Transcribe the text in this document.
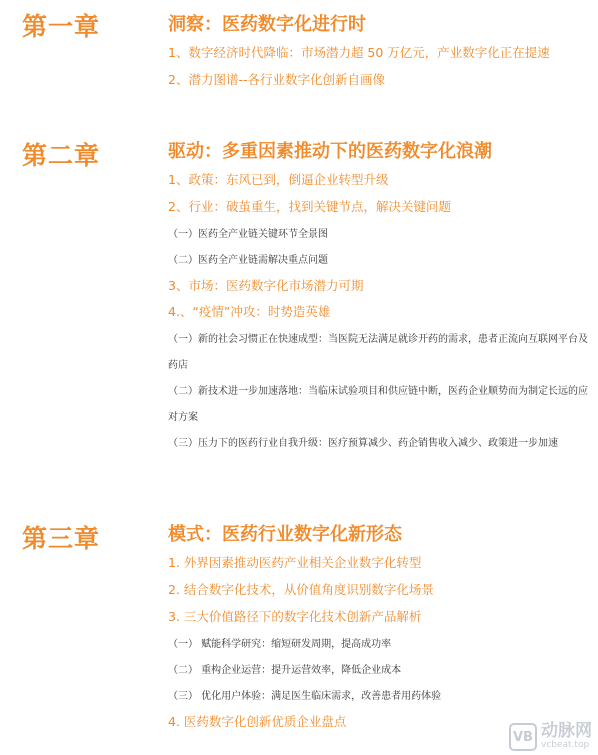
第一章	洞察：医药数字化进行时
1、数字经济时代降临：市场潜力超 50 万亿元，产业数字化正在提速
2、潜力图谱--各行业数字化创新自画像
第二章	驱动：多重因素推动下的医药数字化浪潮
1、政策：东风已到，倒逼企业转型升级
2、行业：破茧重生，找到关键节点，解决关键问题
（一）医药全产业链关键环节全景图
（二）医药全产业链需解决重点问题
3、市场：医药数字化市场潜力可期
4.、“疫情”冲攻：时势造英雄
（一）新的社会习惯正在快速成型：当医院无法满足就诊开药的需求，患者正流向互联网平台及药店
（二）新技术进一步加速落地：当临床试验项目和供应链中断，医药企业顺势而为制定长远的应对方案
（三）压力下的医药行业自我升级：医疗预算减少、药企销售收入减少、政策进一步加速
第三章	模式：医药行业数字化新形态
1. 外界因素推动医药产业相关企业数字化转型
2. 结合数字化技术，从价值角度识别数字化场景
3. 三大价值路径下的数字化技术创新产品解析
（一） 赋能科学研究：缩短研发周期，提高成功率
（二） 重构企业运营：提升运营效率，降低企业成本
（三） 优化用户体验：满足医生临床需求，改善患者用药体验
4. 医药数字化创新优质企业盘点
VB 动脉网
vcbeat.top
